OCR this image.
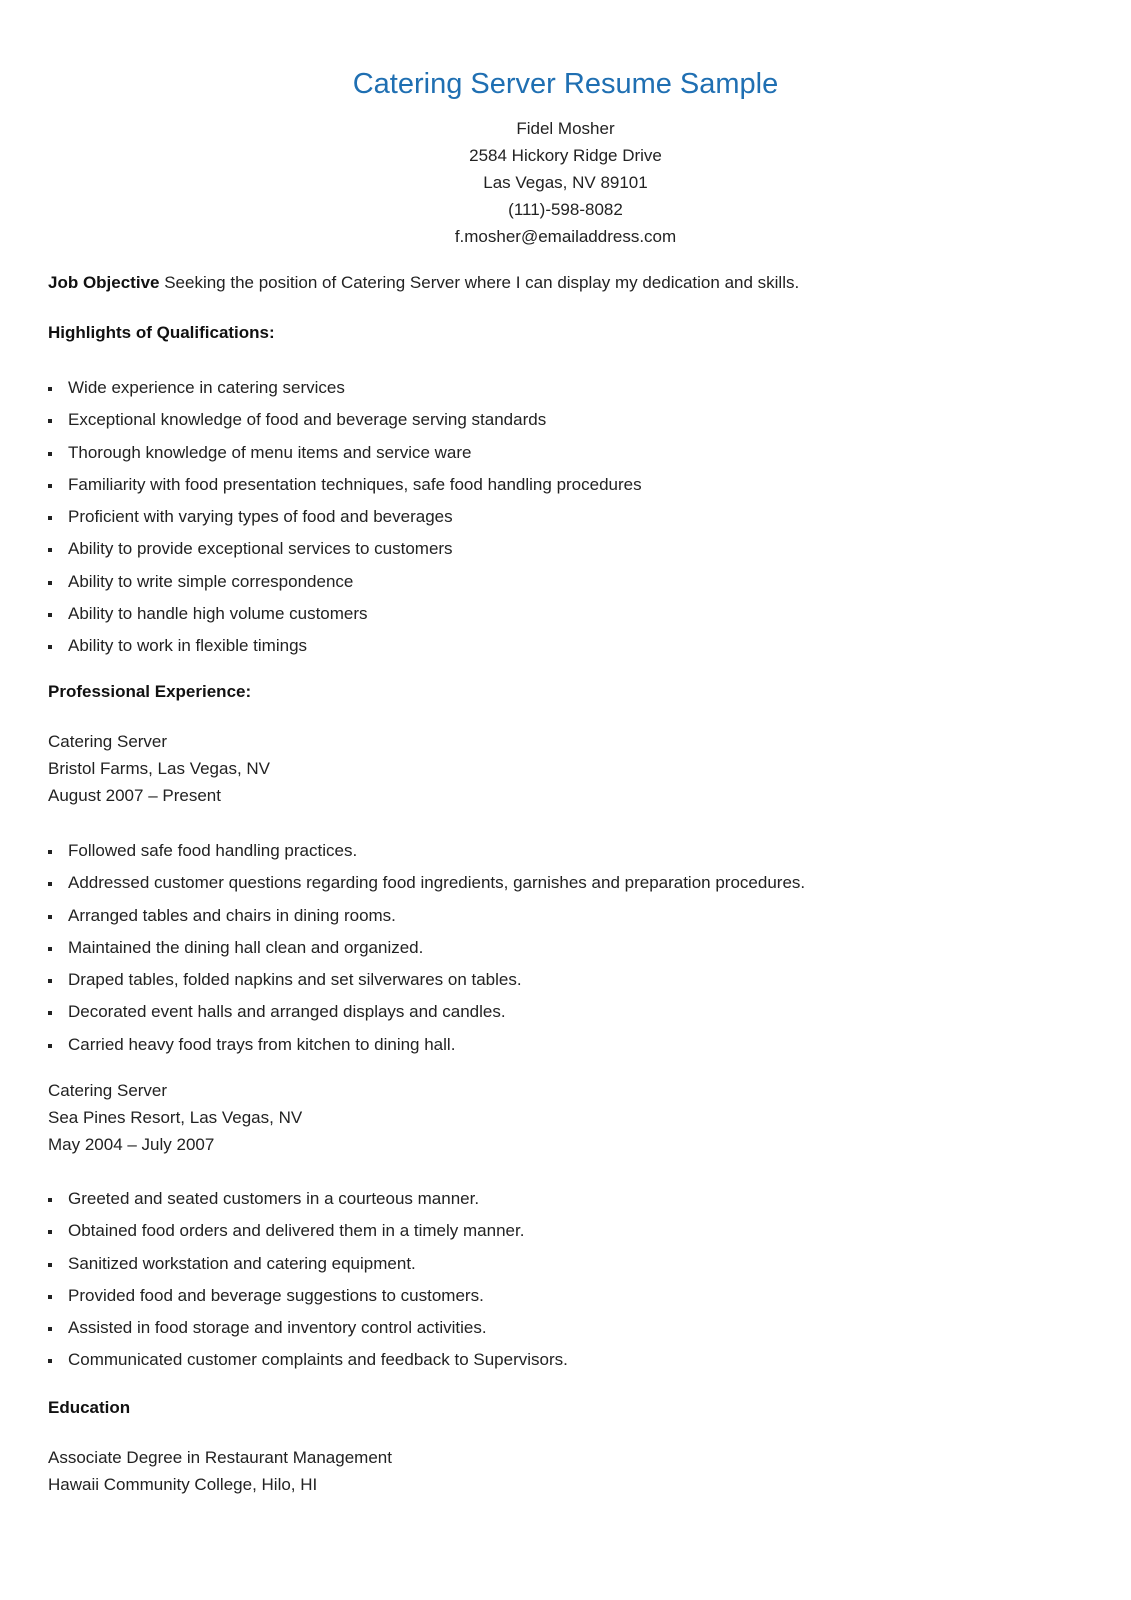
Catering Server Resume Sample
Fidel Mosher
2584 Hickory Ridge Drive
Las Vegas, NV 89101
(111)-598-8082
f.mosher@emailaddress.com
Job Objective Seeking the position of Catering Server where I can display my dedication and skills.
Highlights of Qualifications:
Wide experience in catering services
Exceptional knowledge of food and beverage serving standards
Thorough knowledge of menu items and service ware
Familiarity with food presentation techniques, safe food handling procedures
Proficient with varying types of food and beverages
Ability to provide exceptional services to customers
Ability to write simple correspondence
Ability to handle high volume customers
Ability to work in flexible timings
Professional Experience:
Catering Server
Bristol Farms, Las Vegas, NV
August 2007 – Present
Followed safe food handling practices.
Addressed customer questions regarding food ingredients, garnishes and preparation procedures.
Arranged tables and chairs in dining rooms.
Maintained the dining hall clean and organized.
Draped tables, folded napkins and set silverwares on tables.
Decorated event halls and arranged displays and candles.
Carried heavy food trays from kitchen to dining hall.
Catering Server
Sea Pines Resort, Las Vegas, NV
May 2004 – July 2007
Greeted and seated customers in a courteous manner.
Obtained food orders and delivered them in a timely manner.
Sanitized workstation and catering equipment.
Provided food and beverage suggestions to customers.
Assisted in food storage and inventory control activities.
Communicated customer complaints and feedback to Supervisors.
Education
Associate Degree in Restaurant Management
Hawaii Community College, Hilo, HI
